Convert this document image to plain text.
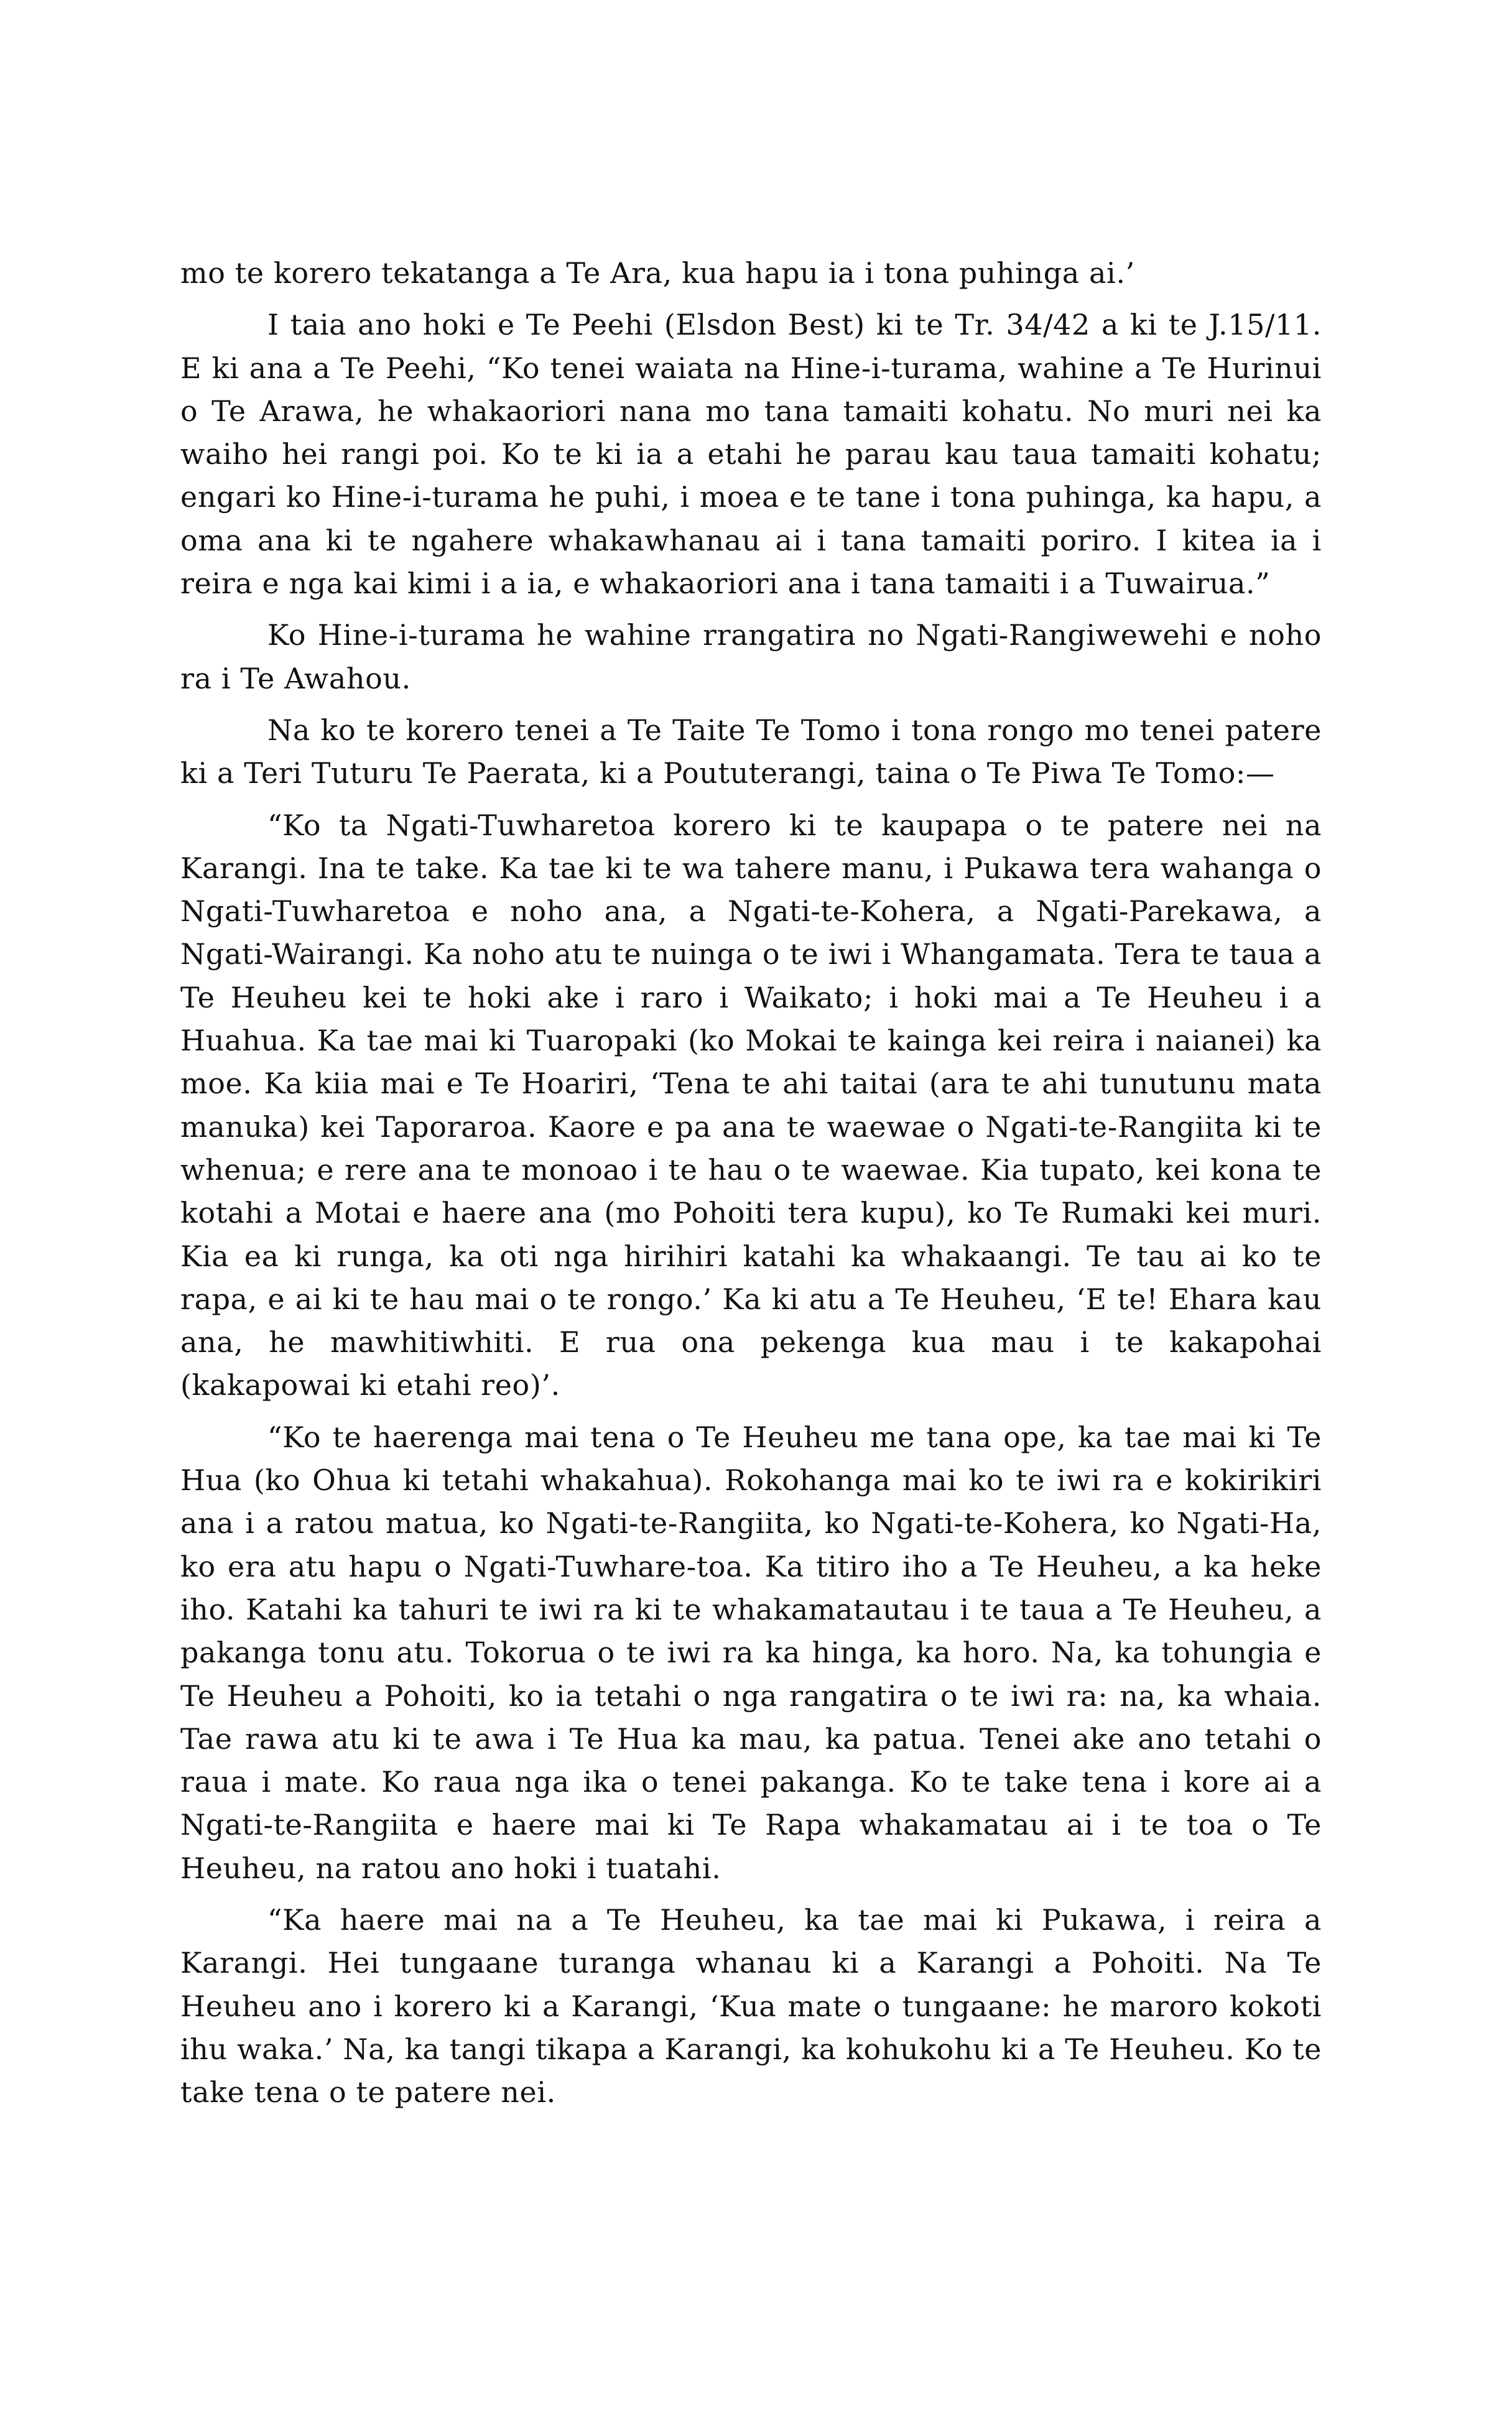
mo te korero tekatanga a Te Ara, kua hapu ia i tona puhinga ai.’

I taia ano hoki e Te Peehi (Elsdon Best) ki te Tr. 34/42 a ki te J.15/11. E ki ana a Te Peehi, “Ko tenei waiata na Hine-i-turama, wahine a Te Hurinui o Te Arawa, he whakaoriori nana mo tana tamaiti kohatu. No muri nei ka waiho hei rangi poi. Ko te ki ia a etahi he parau kau taua tamaiti kohatu; engari ko Hine-i-turama he puhi, i moea e te tane i tona puhinga, ka hapu, a oma ana ki te ngahere whakawhanau ai i tana tamaiti poriro. I kitea ia i reira e nga kai kimi i a ia, e whakaoriori ana i tana tamaiti i a Tuwairua.”

Ko Hine-i-turama he wahine rrangatira no Ngati-Rangiwewehi e noho ra i Te Awahou.

Na ko te korero tenei a Te Taite Te Tomo i tona rongo mo tenei patere ki a Teri Tuturu Te Paerata, ki a Poututerangi, taina o Te Piwa Te Tomo:—

“Ko ta Ngati-Tuwharetoa korero ki te kaupapa o te patere nei na Karangi. Ina te take. Ka tae ki te wa tahere manu, i Pukawa tera wahanga o Ngati-Tuwharetoa e noho ana, a Ngati-te-Kohera, a Ngati-Parekawa, a Ngati-Wairangi. Ka noho atu te nuinga o te iwi i Whangamata. Tera te taua a Te Heuheu kei te hoki ake i raro i Waikato; i hoki mai a Te Heuheu i a Huahua. Ka tae mai ki Tuaropaki (ko Mokai te kainga kei reira i naianei) ka moe. Ka kiia mai e Te Hoariri, ‘Tena te ahi taitai (ara te ahi tunutunu mata manuka) kei Taporaroa. Kaore e pa ana te waewae o Ngati-te-Rangiita ki te whenua; e rere ana te monoao i te hau o te waewae. Kia tupato, kei kona te kotahi a Motai e haere ana (mo Pohoiti tera kupu), ko Te Rumaki kei muri. Kia ea ki runga, ka oti nga hirihiri katahi ka whakaangi. Te tau ai ko te rapa, e ai ki te hau mai o te rongo.’ Ka ki atu a Te Heuheu, ‘E te! Ehara kau ana, he mawhitiwhiti. E rua ona pekenga kua mau i te kakapohai (kakapowai ki etahi reo)’.

“Ko te haerenga mai tena o Te Heuheu me tana ope, ka tae mai ki Te Hua (ko Ohua ki tetahi whakahua). Rokohanga mai ko te iwi ra e kokirikiri ana i a ratou matua, ko Ngati-te-Rangiita, ko Ngati-te-Kohera, ko Ngati-Ha, ko era atu hapu o Ngati-Tuwhare-toa. Ka titiro iho a Te Heuheu, a ka heke iho. Katahi ka tahuri te iwi ra ki te whakamatautau i te taua a Te Heuheu, a pakanga tonu atu. Tokorua o te iwi ra ka hinga, ka horo. Na, ka tohungia e Te Heuheu a Pohoiti, ko ia tetahi o nga rangatira o te iwi ra: na, ka whaia. Tae rawa atu ki te awa i Te Hua ka mau, ka patua. Tenei ake ano tetahi o raua i mate. Ko raua nga ika o tenei pakanga. Ko te take tena i kore ai a Ngati-te-Rangiita e haere mai ki Te Rapa whakamatau ai i te toa o Te Heuheu, na ratou ano hoki i tuatahi.

“Ka haere mai na a Te Heuheu, ka tae mai ki Pukawa, i reira a Karangi. Hei tungaane turanga whanau ki a Karangi a Pohoiti. Na Te Heuheu ano i korero ki a Karangi, ‘Kua mate o tungaane: he maroro kokoti ihu waka.’ Na, ka tangi tikapa a Karangi, ka kohukohu ki a Te Heuheu. Ko te take tena o te patere nei.
